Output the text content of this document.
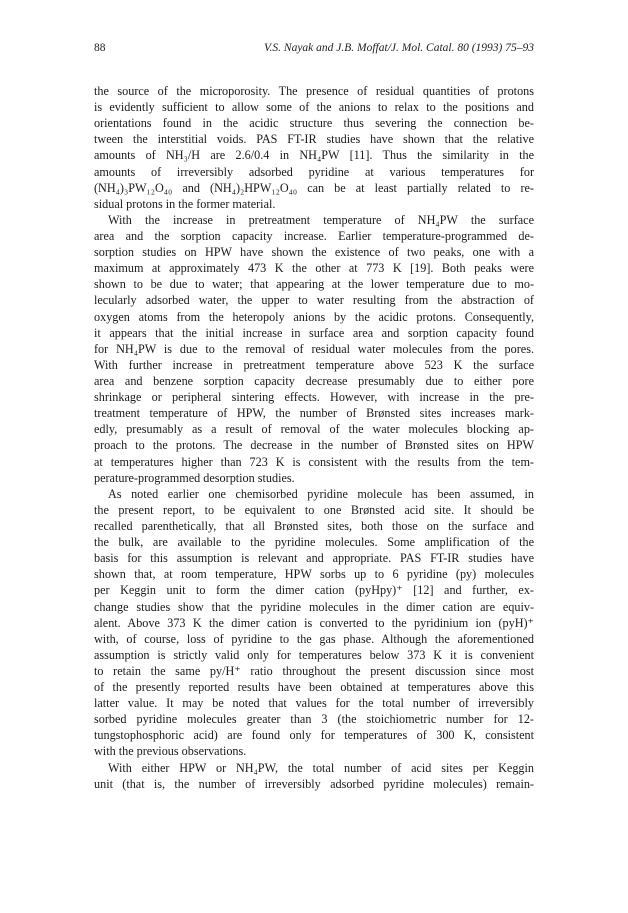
88	V.S. Nayak and J.B. Moffat/J. Mol. Catal. 80 (1993) 75–93
the source of the microporosity. The presence of residual quantities of protons
is evidently sufficient to allow some of the anions to relax to the positions and
orientations found in the acidic structure thus severing the connection be-
tween the interstitial voids. PAS FT-IR studies have shown that the relative
amounts of NH₃/H are 2.6/0.4 in NH₄PW [11]. Thus the similarity in the
amounts of irreversibly adsorbed pyridine at various temperatures for
(NH₄)₃PW₁₂O₄₀ and (NH₄)₂HPW₁₂O₄₀ can be at least partially related to re-
sidual protons in the former material.
With the increase in pretreatment temperature of NH₄PW the surface
area and the sorption capacity increase. Earlier temperature-programmed de-
sorption studies on HPW have shown the existence of two peaks, one with a
maximum at approximately 473 K the other at 773 K [19]. Both peaks were
shown to be due to water; that appearing at the lower temperature due to mo-
lecularly adsorbed water, the upper to water resulting from the abstraction of
oxygen atoms from the heteropoly anions by the acidic protons. Consequently,
it appears that the initial increase in surface area and sorption capacity found
for NH₄PW is due to the removal of residual water molecules from the pores.
With further increase in pretreatment temperature above 523 K the surface
area and benzene sorption capacity decrease presumably due to either pore
shrinkage or peripheral sintering effects. However, with increase in the pre-
treatment temperature of HPW, the number of Brønsted sites increases mark-
edly, presumably as a result of removal of the water molecules blocking ap-
proach to the protons. The decrease in the number of Brønsted sites on HPW
at temperatures higher than 723 K is consistent with the results from the tem-
perature-programmed desorption studies.
As noted earlier one chemisorbed pyridine molecule has been assumed, in
the present report, to be equivalent to one Brønsted acid site. It should be
recalled parenthetically, that all Brønsted sites, both those on the surface and
the bulk, are available to the pyridine molecules. Some amplification of the
basis for this assumption is relevant and appropriate. PAS FT-IR studies have
shown that, at room temperature, HPW sorbs up to 6 pyridine (py) molecules
per Keggin unit to form the dimer cation (pyHpy)⁺ [12] and further, ex-
change studies show that the pyridine molecules in the dimer cation are equiv-
alent. Above 373 K the dimer cation is converted to the pyridinium ion (pyH)⁺
with, of course, loss of pyridine to the gas phase. Although the aforementioned
assumption is strictly valid only for temperatures below 373 K it is convenient
to retain the same py/H⁺ ratio throughout the present discussion since most
of the presently reported results have been obtained at temperatures above this
latter value. It may be noted that values for the total number of irreversibly
sorbed pyridine molecules greater than 3 (the stoichiometric number for 12-
tungstophosphoric acid) are found only for temperatures of 300 K, consistent
with the previous observations.
With either HPW or NH₄PW, the total number of acid sites per Keggin
unit (that is, the number of irreversibly adsorbed pyridine molecules) remain-
